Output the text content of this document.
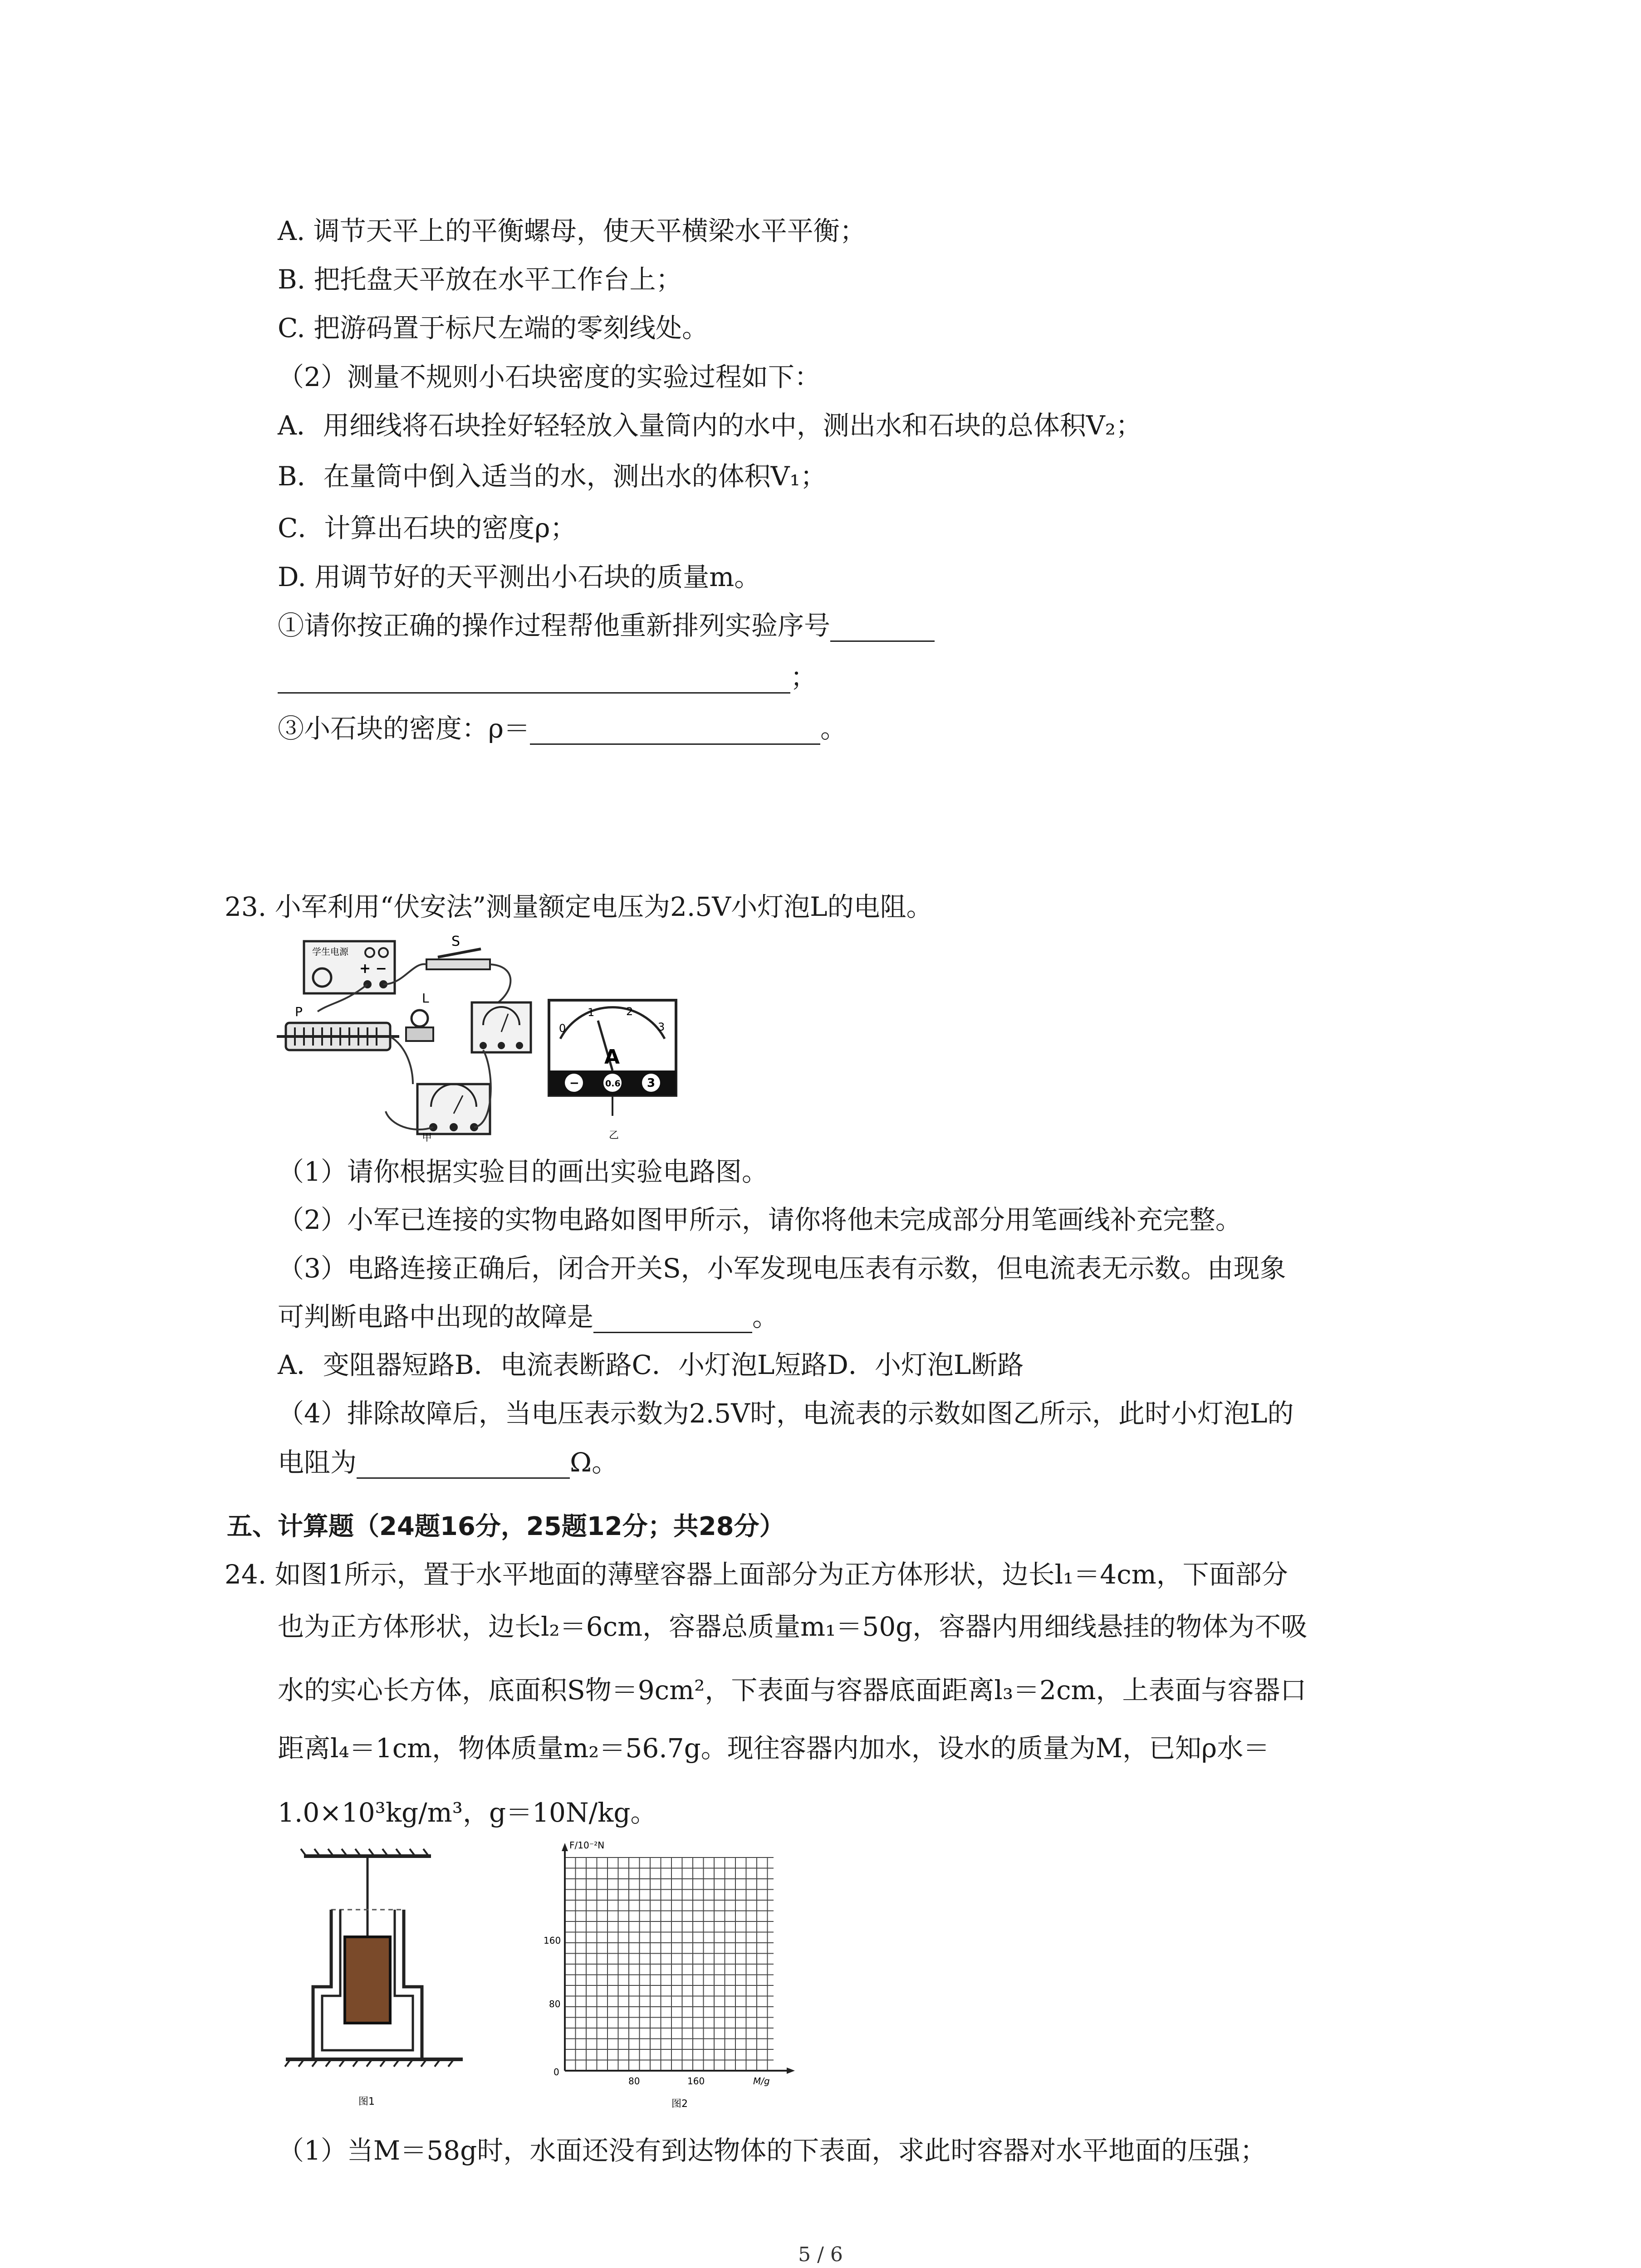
A. 调节天平上的平衡螺母，使天平横梁水平平衡；
B. 把托盘天平放在水平工作台上；
C. 把游码置于标尺左端的零刻线处。
（2）测量不规则小石块密度的实验过程如下：
A．用细线将石块拴好轻轻放入量筒内的水中，测出水和石块的总体积V₂；
B．在量筒中倒入适当的水，测出水的体积V₁；
C．计算出石块的密度ρ；
D. 用调节好的天平测出小石块的质量m。
①请你按正确的操作过程帮他重新排列实验序号
；
③小石块的密度：ρ＝	。
23. 小军利用“伏安法”测量额定电压为2.5V小灯泡L的电阻。
学生电源
+ −
S
P
L
甲
0
1	2
3
A
−	0.6 3
乙
（1）请你根据实验目的画出实验电路图。
（2）小军已连接的实物电路如图甲所示，请你将他未完成部分用笔画线补充完整。
（3）电路连接正确后，闭合开关S，小军发现电压表有示数，但电流表无示数。由现象
可判断电路中出现的故障是	。
A．变阻器短路B．电流表断路C．小灯泡L短路D．小灯泡L断路
（4）排除故障后，当电压表示数为2.5V时，电流表的示数如图乙所示，此时小灯泡L的
电阻为	Ω。
五、计算题（24题16分，25题12分；共28分）
24. 如图1所示，置于水平地面的薄壁容器上面部分为正方体形状，边长l₁＝4cm，下面部分
也为正方体形状，边长l₂＝6cm，容器总质量m₁＝50g，容器内用细线悬挂的物体为不吸
水的实心长方体，底面积S物＝9cm²，下表面与容器底面距离l₃＝2cm，上表面与容器口
距离l₄＝1cm，物体质量m₂＝56.7g。现往容器内加水，设水的质量为M，已知ρ水＝
1.0×10³kg/m³，g＝10N/kg。
图1
F/10⁻²N
M/g
0
80
160
80	160
图2
（1）当M＝58g时，水面还没有到达物体的下表面，求此时容器对水平地面的压强；
5 / 6
